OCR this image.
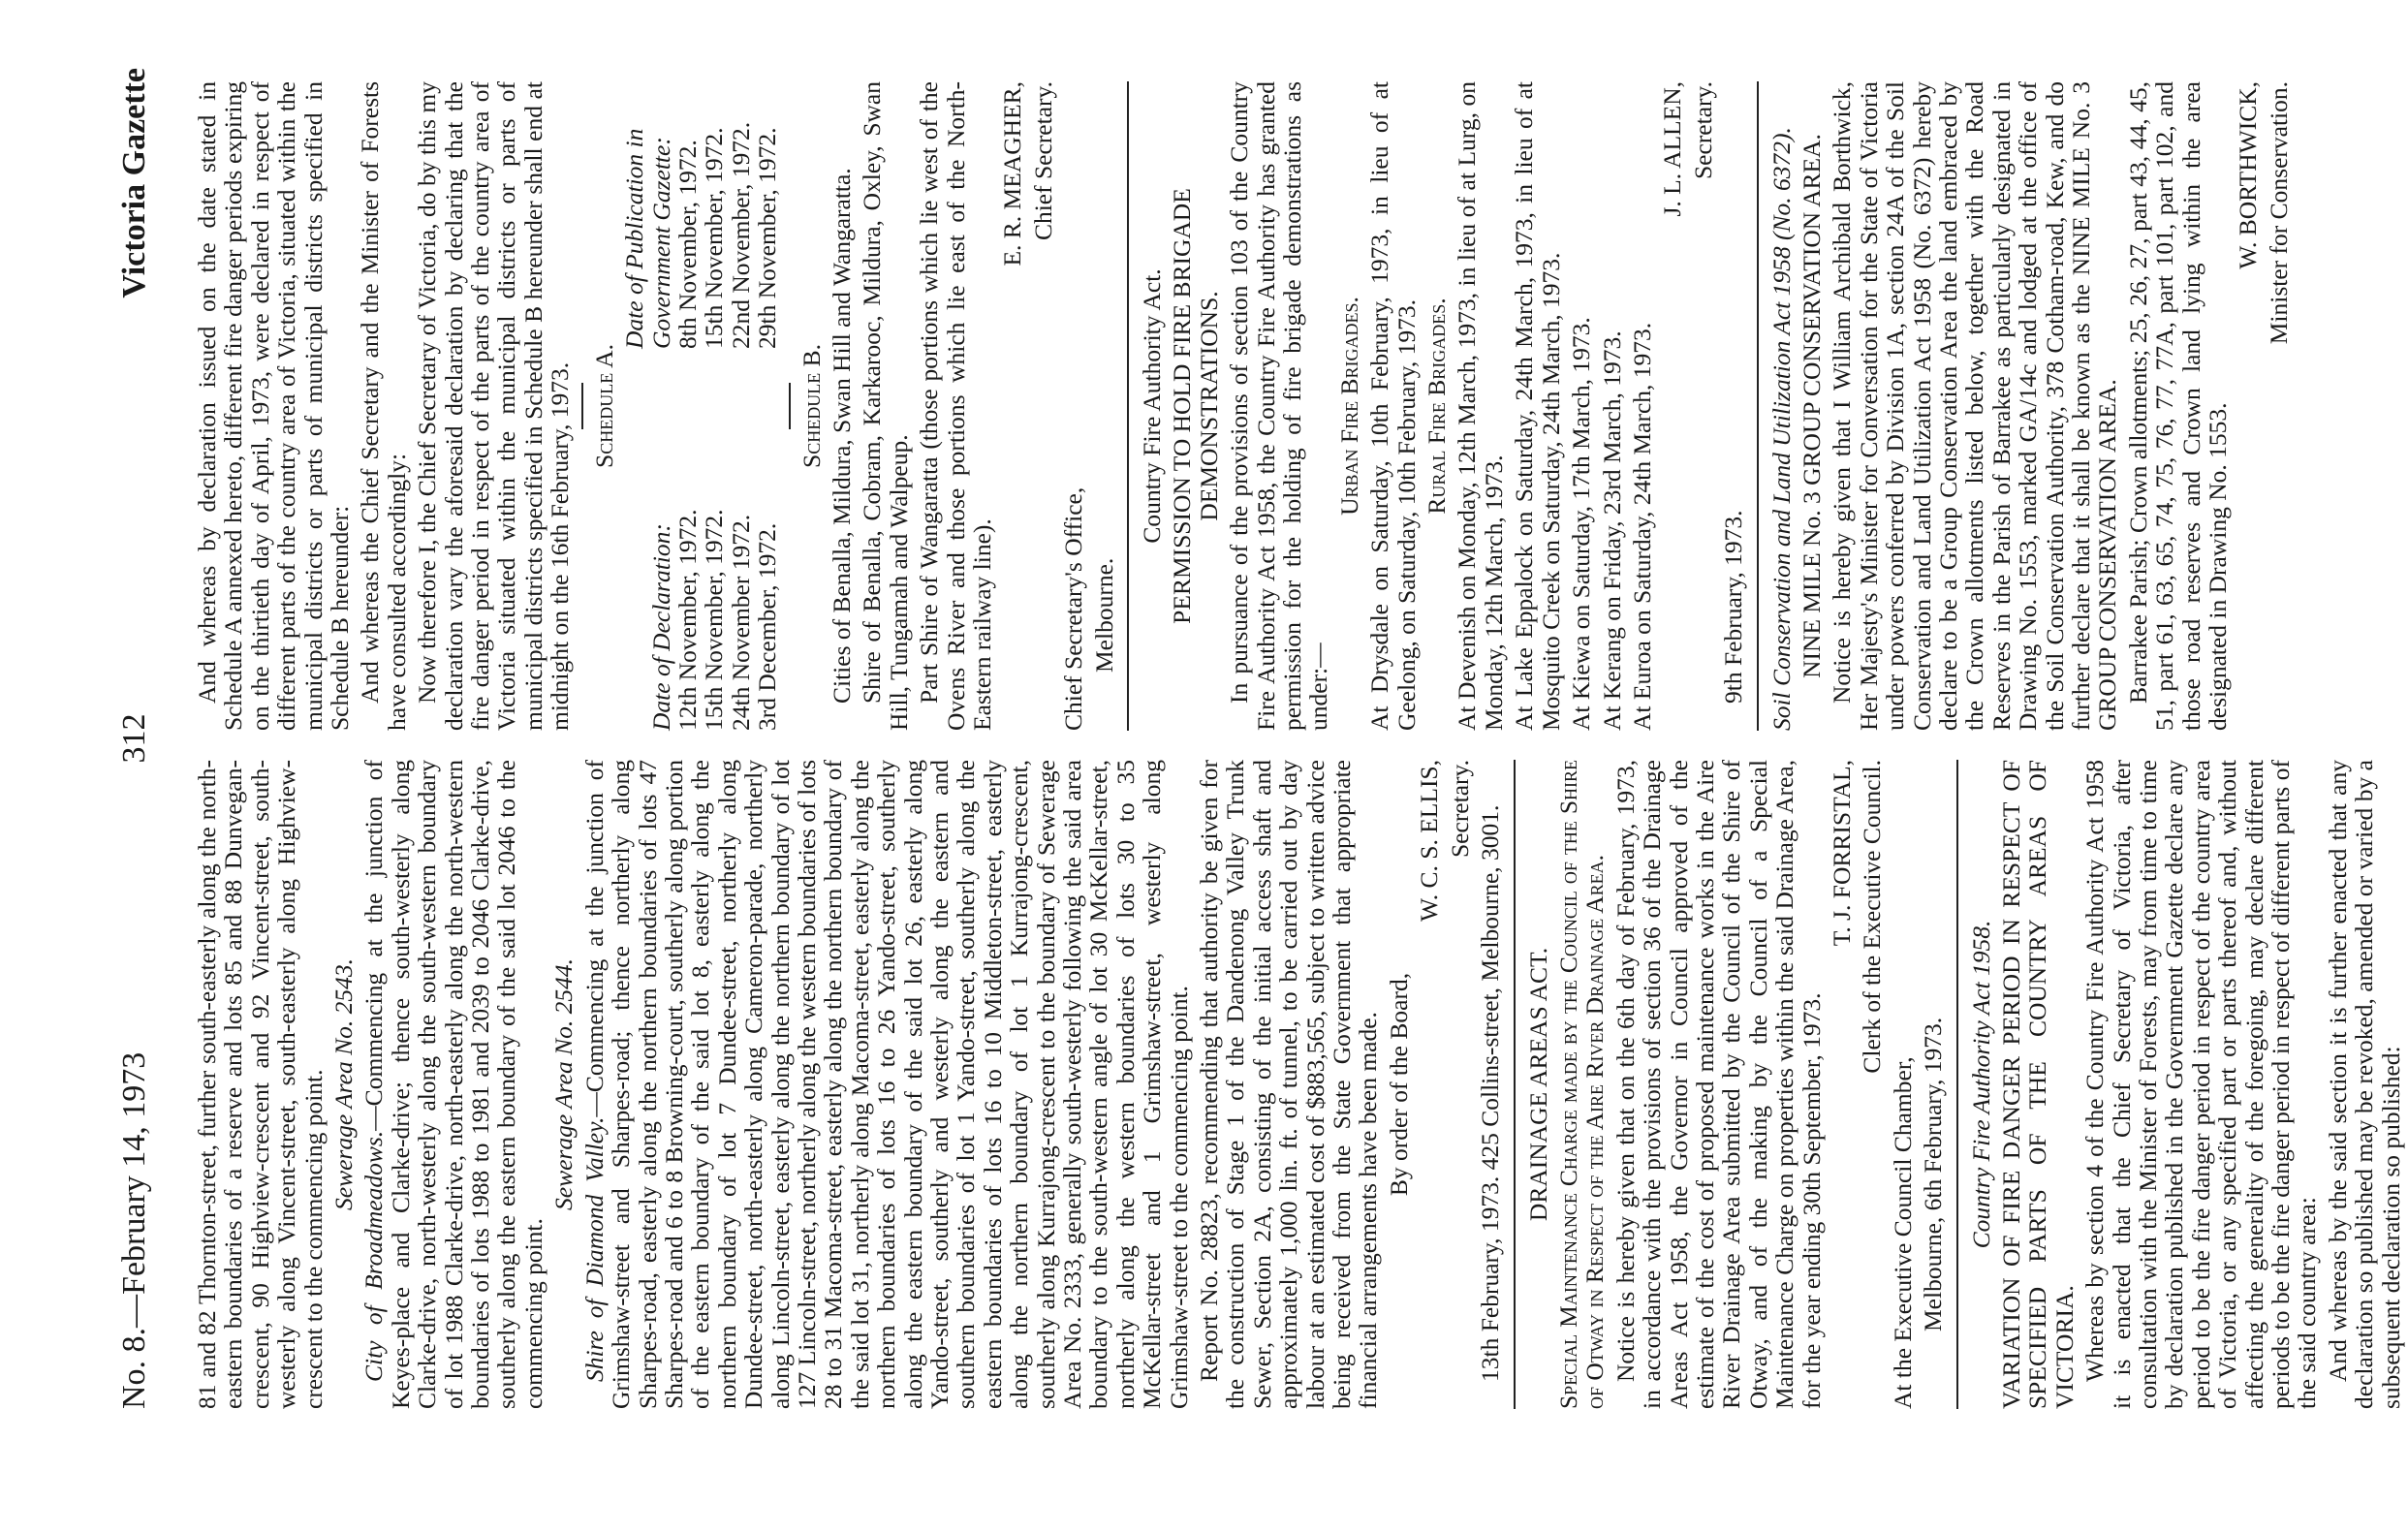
No. 8.—February 14, 1973
312
Victoria Gazette

81 and 82 Thornton-street, further south-easterly along the north-eastern boundaries of a reserve and lots 85 and 88 Dunvegan-crescent, 90 Highview-crescent and 92 Vincent-street, south-westerly along Vincent-street, south-easterly along Highview-crescent to the commencing point. Sewerage Area No. 2543.

City of Broadmeadows.—Commencing at the junction of Keyes-place and Clarke-drive; thence south-westerly along Clarke-drive, north-westerly along the south-western boundary of lot 1988 Clarke-drive, north-easterly along the north-western boundaries of lots 1988 to 1981 and 2039 to 2046 Clarke-drive, southerly along the eastern boundary of the said lot 2046 to the commencing point.

Sewerage Area No. 2544.

Shire of Diamond Valley.—Commencing at the junction of Grimshaw-street and Sharpes-road; thence northerly along Sharpes-road, easterly along the northern boundaries of lots 47 Sharpes-road and 6 to 8 Browning-court, southerly along portion of the eastern boundary of the said lot 8, easterly along the northern boundary of lot 7 Dundee-street, northerly along Dundee-street, north-easterly along Cameron-parade, northerly along Lincoln-street, easterly along the northern boundary of lot 127 Lincoln-street, northerly along the western boundaries of lots 28 to 31 Macoma-street, easterly along the northern boundary of the said lot 31, northerly along Macoma-street, easterly along the northern boundaries of lots 16 to 26 Yando-street, southerly along the eastern boundary of the said lot 26, easterly along Yando-street, southerly and westerly along the eastern and southern boundaries of lot 1 Yando-street, southerly along the eastern boundaries of lots 16 to 10 Middleton-street, easterly along the northern boundary of lot 1 Kurrajong-crescent, southerly along Kurrajong-crescent to the boundary of Sewerage Area No. 2333, generally south-westerly following the said area boundary to the south-western angle of lot 30 McKellar-street, northerly along the western boundaries of lots 30 to 35 McKellar-street and 1 Grimshaw-street, westerly along Grimshaw-street to the commencing point. Report No. 28823, recommending that authority be given for the construction of Stage 1 of the Dandenong Valley Trunk Sewer, Section 2A, consisting of the initial access shaft and approximately 1,000 lin. ft. of tunnel, to be carried out by day labour at an estimated cost of $883,565, subject to written advice being received from the State Government that appropriate financial arrangements have been made. By order of the Board,

W. C. S. ELLIS, Secretary. 13th February, 1973. 425 Collins-street, Melbourne, 3001. DRAINAGE AREAS ACT. Special Maintenance Charge made by the Council of the Shire of Otway in Respect of the Aire River Drainage Area. Notice is hereby given that on the 6th day of February, 1973, in accordance with the provisions of section 36 of the Drainage Areas Act 1958, the Governor in Council approved of the estimate of the cost of proposed maintenance works in the Aire River Drainage Area submitted by the Council of the Shire of Otway, and of the making by the Council of a Special Maintenance Charge on properties within the said Drainage Area, for the year ending 30th September, 1973.

T. J. FORRISTAL, Clerk of the Executive Council.

At the Executive Council Chamber, Melbourne, 6th February, 1973. Country Fire Authority Act 1958. VARIATION OF FIRE DANGER PERIOD IN RESPECT OF SPECIFIED PARTS OF THE COUNTRY AREAS OF VICTORIA. Whereas by section 4 of the Country Fire Authority Act 1958 it is enacted that the Chief Secretary of Victoria, after consultation with the Minister of Forests, may from time to time by declaration published in the Government Gazette declare any period to be the fire danger period in respect of the country area of Victoria, or any specified part or parts thereof and, without affecting the generality of the foregoing, may declare different periods to be the fire danger period in respect of different parts of the said country area: And whereas by the said section it is further enacted that any declaration so published may be revoked, amended or varied by a subsequent declaration so published:

And whereas by declaration issued on the date stated in Schedule A annexed hereto, different fire danger periods expiring on the thirtieth day of April, 1973, were declared in respect of different parts of the country area of Victoria, situated within the municipal districts or parts of municipal districts specified in Schedule B hereunder: And whereas the Chief Secretary and the Minister of Forests have consulted accordingly: Now therefore I, the Chief Secretary of Victoria, do by this my declaration vary the aforesaid declaration by declaring that the fire danger period in respect of the parts of the country area of Victoria situated within the municipal districts or parts of municipal districts specified in Schedule B hereunder shall end at midnight on the 16th February, 1973. Schedule A.

	Date of Publication in
Date of Declaration:	Government Gazette:
12th November, 1972.	8th November, 1972.
15th November, 1972.	15th November, 1972.
24th November 1972.	22nd November, 1972.
3rd December, 1972.	29th November, 1972.

Schedule B. Cities of Benalla, Mildura, Swan Hill and Wangaratta. Shire of Benalla, Cobram, Karkarooc, Mildura, Oxley, Swan Hill, Tungamah and Walpeup. Part Shire of Wangaratta (those portions which lie west of the Ovens River and those portions which lie east of the North-Eastern railway line).

E. R. MEAGHER, Chief Secretary.

Chief Secretary's Office, Melbourne.

Country Fire Authority Act. PERMISSION TO HOLD FIRE BRIGADE DEMONSTRATIONS. In pursuance of the provisions of section 103 of the Country Fire Authority Act 1958, the Country Fire Authority has granted permission for the holding of fire brigade demonstrations as under:—

Urban Fire Brigades. At Drysdale on Saturday, 10th February, 1973, in lieu of at Geelong, on Saturday, 10th February, 1973. Rural Fire Brigades. At Devenish on Monday, 12th March, 1973, in lieu of at Lurg, on Monday, 12th March, 1973. At Lake Eppalock on Saturday, 24th March, 1973, in lieu of at Mosquito Creek on Saturday, 24th March, 1973. At Kiewa on Saturday, 17th March, 1973. At Kerang on Friday, 23rd March, 1973. At Euroa on Saturday, 24th March, 1973.

J. L. ALLEN, Secretary.

9th February, 1973. Soil Conservation and Land Utilization Act 1958 (No. 6372). NINE MILE No. 3 GROUP CONSERVATION AREA. Notice is hereby given that I William Archibald Borthwick, Her Majesty's Minister for Conversation for the State of Victoria under powers conferred by Division 1A, section 24A of the Soil Conservation and Land Utilization Act 1958 (No. 6372) hereby declare to be a Group Conservation Area the land embraced by the Crown allotments listed below, together with the Road Reserves in the Parish of Barrakee as particularly designated in Drawing No. 1553, marked GA/14c and lodged at the office of the Soil Conservation Authority, 378 Cotham-road, Kew, and do further declare that it shall be known as the NINE MILE No. 3 GROUP CONSERVATION AREA. Barrakee Parish; Crown allotments; 25, 26, 27, part 43, 44, 45, 51, part 61, 63, 65, 74, 75, 76, 77, 77A, part 101, part 102, and those road reserves and Crown land lying within the area designated in Drawing No. 1553.

W. BORTHWICK, Minister for Conservation.
